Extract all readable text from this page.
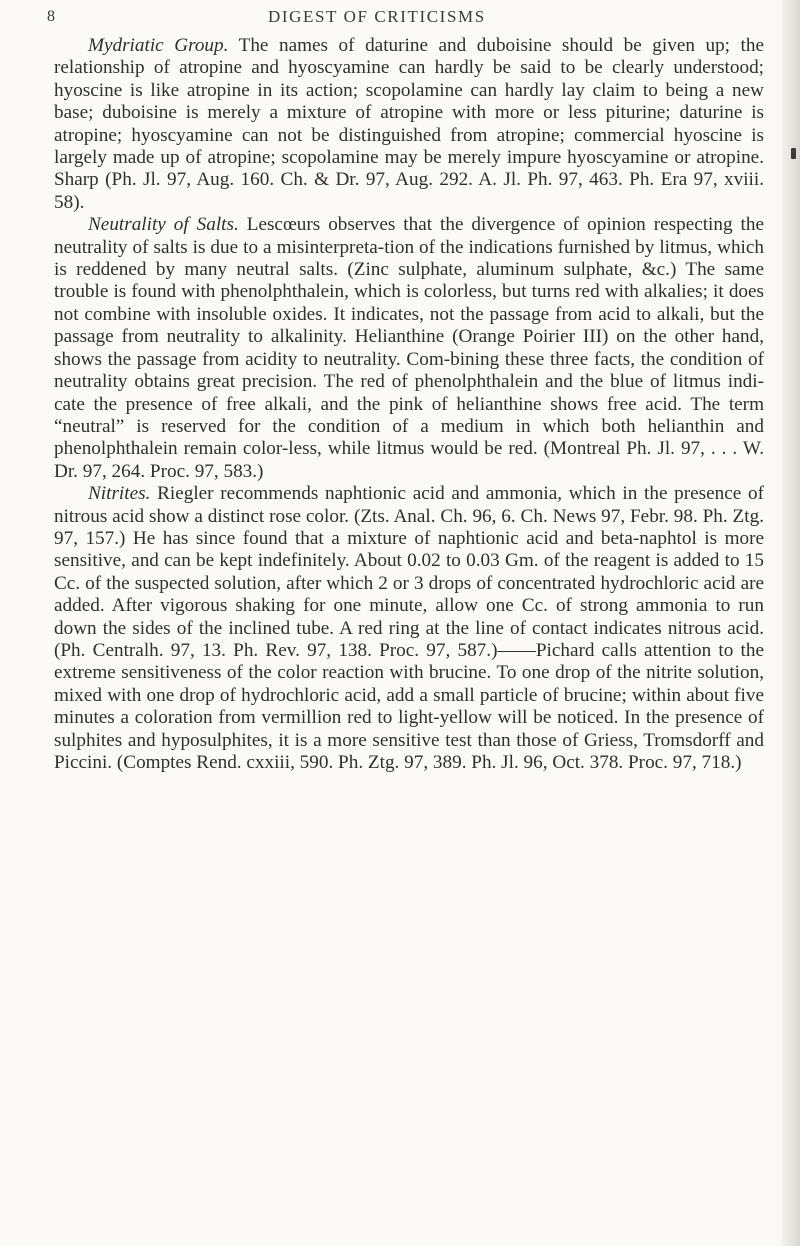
8	DIGEST OF CRITICISMS

Mydriatic Group. The names of daturine and duboisine should be given up; the relationship of atropine and hyoscyamine can hardly be said to be clearly understood; hyoscine is like atropine in its action; scopolamine can hardly lay claim to being a new base; duboisine is merely a mixture of atropine with more or less piturine; daturine is atropine; hyoscyamine can not be distinguished from atropine; commercial hyoscine is largely made up of atropine; scopolamine may be merely impure hyoscyamine or atropine. Sharp (Ph. Jl. 97, Aug. 160. Ch. & Dr. 97, Aug. 292. A. Jl. Ph. 97, 463. Ph. Era 97, xviii. 58).

Neutrality of Salts. Lescœurs observes that the divergence of opinion respecting the neutrality of salts is due to a misinterpreta-tion of the indications furnished by litmus, which is reddened by many neutral salts. (Zinc sulphate, aluminum sulphate, &c.) The same trouble is found with phenolphthalein, which is colorless, but turns red with alkalies; it does not combine with insoluble oxides. It indicates, not the passage from acid to alkali, but the passage from neutrality to alkalinity. Helianthine (Orange Poirier III) on the other hand, shows the passage from acidity to neutrality. Com-bining these three facts, the condition of neutrality obtains great precision. The red of phenolphthalein and the blue of litmus indi-cate the presence of free alkali, and the pink of helianthine shows free acid. The term “neutral” is reserved for the condition of a medium in which both helianthin and phenolphthalein remain color-less, while litmus would be red. (Montreal Ph. Jl. 97, . . . W. Dr. 97, 264. Proc. 97, 583.)

Nitrites. Riegler recommends naphtionic acid and ammonia, which in the presence of nitrous acid show a distinct rose color. (Zts. Anal. Ch. 96, 6. Ch. News 97, Febr. 98. Ph. Ztg. 97, 157.) He has since found that a mixture of naphtionic acid and beta-naphtol is more sensitive, and can be kept indefinitely. About 0.02 to 0.03 Gm. of the reagent is added to 15 Cc. of the suspected solution, after which 2 or 3 drops of concentrated hydrochloric acid are added. After vigorous shaking for one minute, allow one Cc. of strong ammonia to run down the sides of the inclined tube. A red ring at the line of contact indicates nitrous acid. (Ph. Centralh. 97, 13. Ph. Rev. 97, 138. Proc. 97, 587.)——Pichard calls attention to the extreme sensitiveness of the color reaction with brucine. To one drop of the nitrite solution, mixed with one drop of hydrochloric acid, add a small particle of brucine; within about five minutes a coloration from vermillion red to light-yellow will be noticed. In the presence of sulphites and hyposulphites, it is a more sensitive test than those of Griess, Tromsdorff and Piccini. (Comptes Rend. cxxiii, 590. Ph. Ztg. 97, 389. Ph. Jl. 96, Oct. 378. Proc. 97, 718.)
